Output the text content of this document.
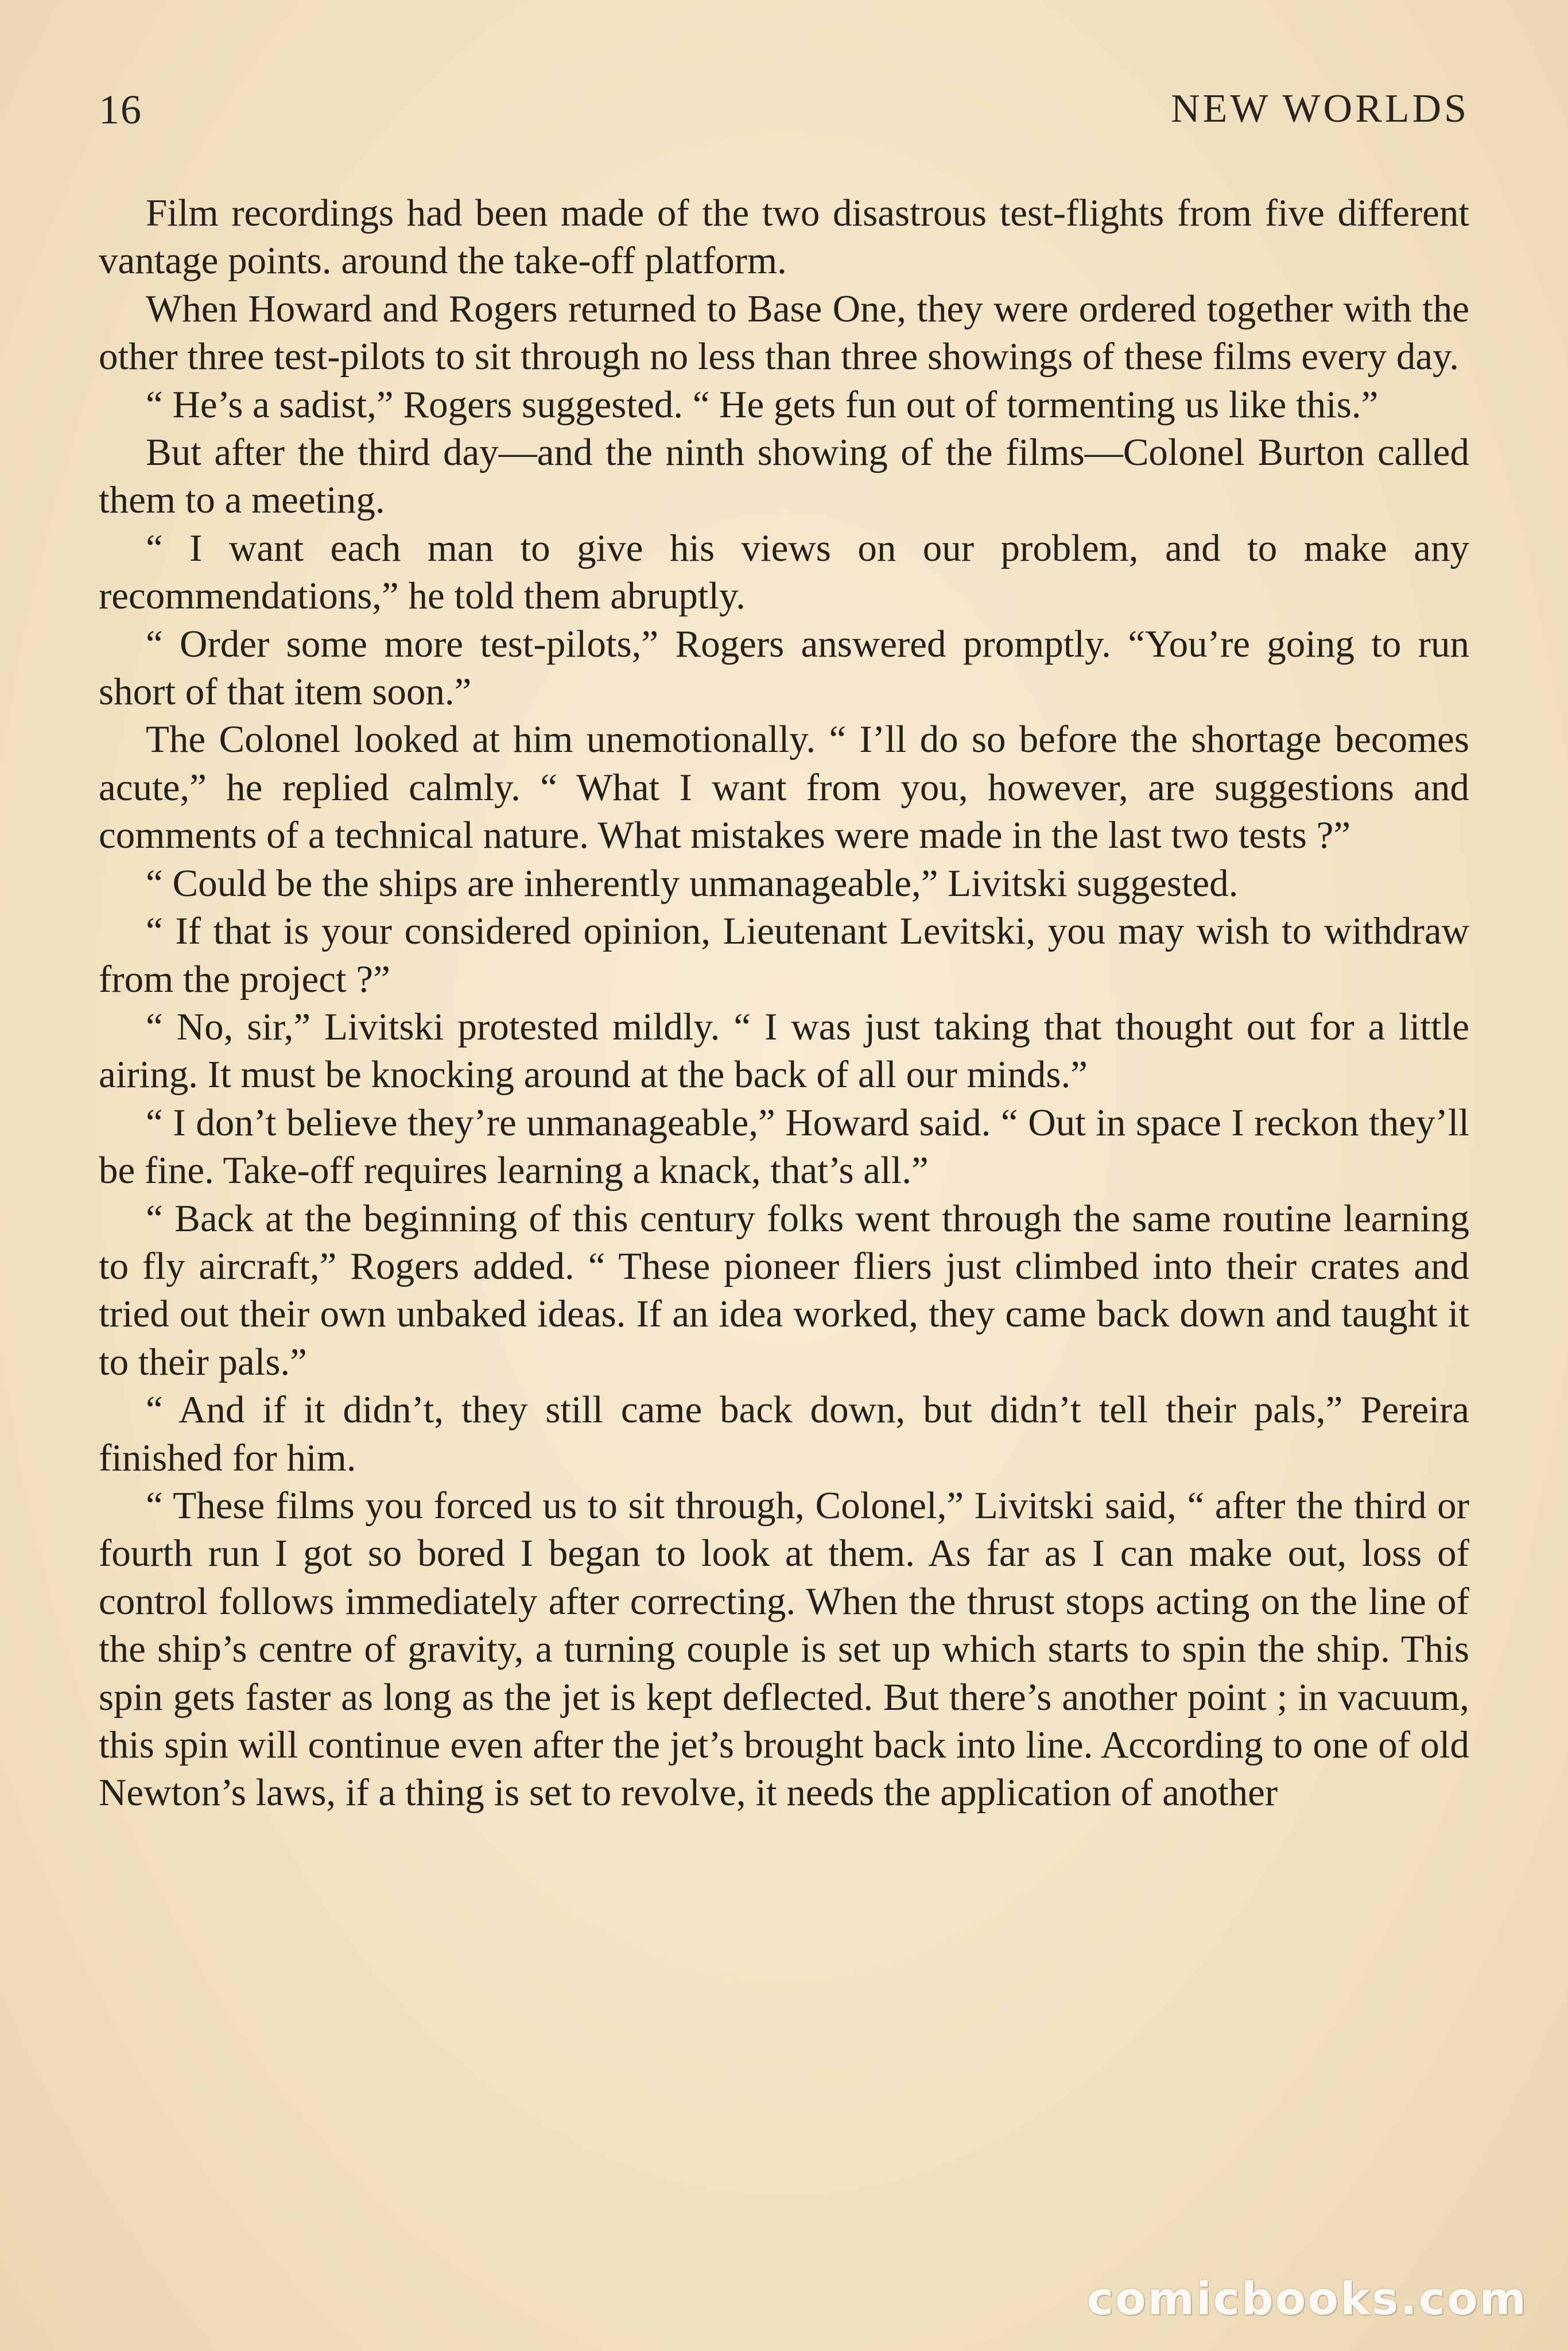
16	NEW WORLDS

Film recordings had been made of the two disastrous test-flights from five different vantage points. around the take-off platform.

When Howard and Rogers returned to Base One, they were ordered together with the other three test-pilots to sit through no less than three showings of these films every day.

“ He’s a sadist,” Rogers suggested. “ He gets fun out of tormenting us like this.”

But after the third day—and the ninth showing of the films—Colonel Burton called them to a meeting.

“ I want each man to give his views on our problem, and to make any recommendations,” he told them abruptly.

“ Order some more test-pilots,” Rogers answered promptly. “You’re going to run short of that item soon.”

The Colonel looked at him unemotionally. “ I’ll do so before the shortage becomes acute,” he replied calmly. “ What I want from you, however, are suggestions and comments of a technical nature. What mistakes were made in the last two tests ?”

“ Could be the ships are inherently unmanageable,” Livitski suggested.

“ If that is your considered opinion, Lieutenant Levitski, you may wish to withdraw from the project ?”

“ No, sir,” Livitski protested mildly. “ I was just taking that thought out for a little airing. It must be knocking around at the back of all our minds.”

“ I don’t believe they’re unmanageable,” Howard said. “ Out in space I reckon they’ll be fine. Take-off requires learning a knack, that’s all.”

“ Back at the beginning of this century folks went through the same routine learning to fly aircraft,” Rogers added. “ These pioneer fliers just climbed into their crates and tried out their own unbaked ideas. If an idea worked, they came back down and taught it to their pals.”

“ And if it didn’t, they still came back down, but didn’t tell their pals,” Pereira finished for him.

“ These films you forced us to sit through, Colonel,” Livitski said, “ after the third or fourth run I got so bored I began to look at them. As far as I can make out, loss of control follows immediately after correcting. When the thrust stops acting on the line of the ship’s centre of gravity, a turning couple is set up which starts to spin the ship. This spin gets faster as long as the jet is kept deflected. But there’s another point ; in vacuum, this spin will continue even after the jet’s brought back into line. According to one of old Newton’s laws, if a thing is set to revolve, it needs the application of another

comicbooks.com
